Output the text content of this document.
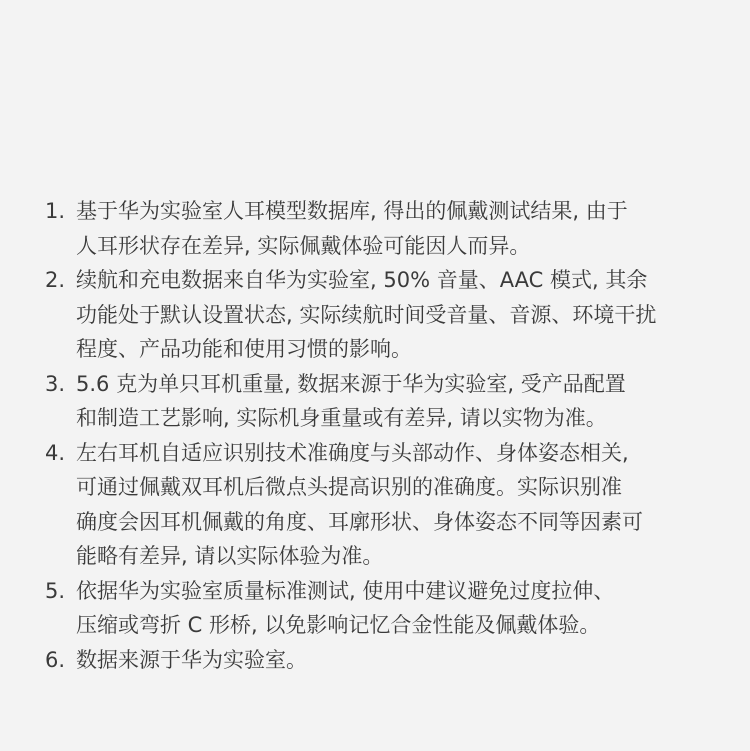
1. 基于华为实验室人耳模型数据库, 得出的佩戴测试结果, 由于
人耳形状存在差异, 实际佩戴体验可能因人而异。
2. 续航和充电数据来自华为实验室, 50% 音量、AAC 模式, 其余
功能处于默认设置状态, 实际续航时间受音量、音源、环境干扰
程度、产品功能和使用习惯的影响。
3. 5.6 克为单只耳机重量, 数据来源于华为实验室, 受产品配置
和制造工艺影响, 实际机身重量或有差异, 请以实物为准。
4. 左右耳机自适应识别技术准确度与头部动作、身体姿态相关,
可通过佩戴双耳机后微点头提高识别的准确度。实际识别准
确度会因耳机佩戴的角度、耳廓形状、身体姿态不同等因素可
能略有差异, 请以实际体验为准。
5. 依据华为实验室质量标准测试, 使用中建议避免过度拉伸、
压缩或弯折 C 形桥, 以免影响记忆合金性能及佩戴体验。
6. 数据来源于华为实验室。
